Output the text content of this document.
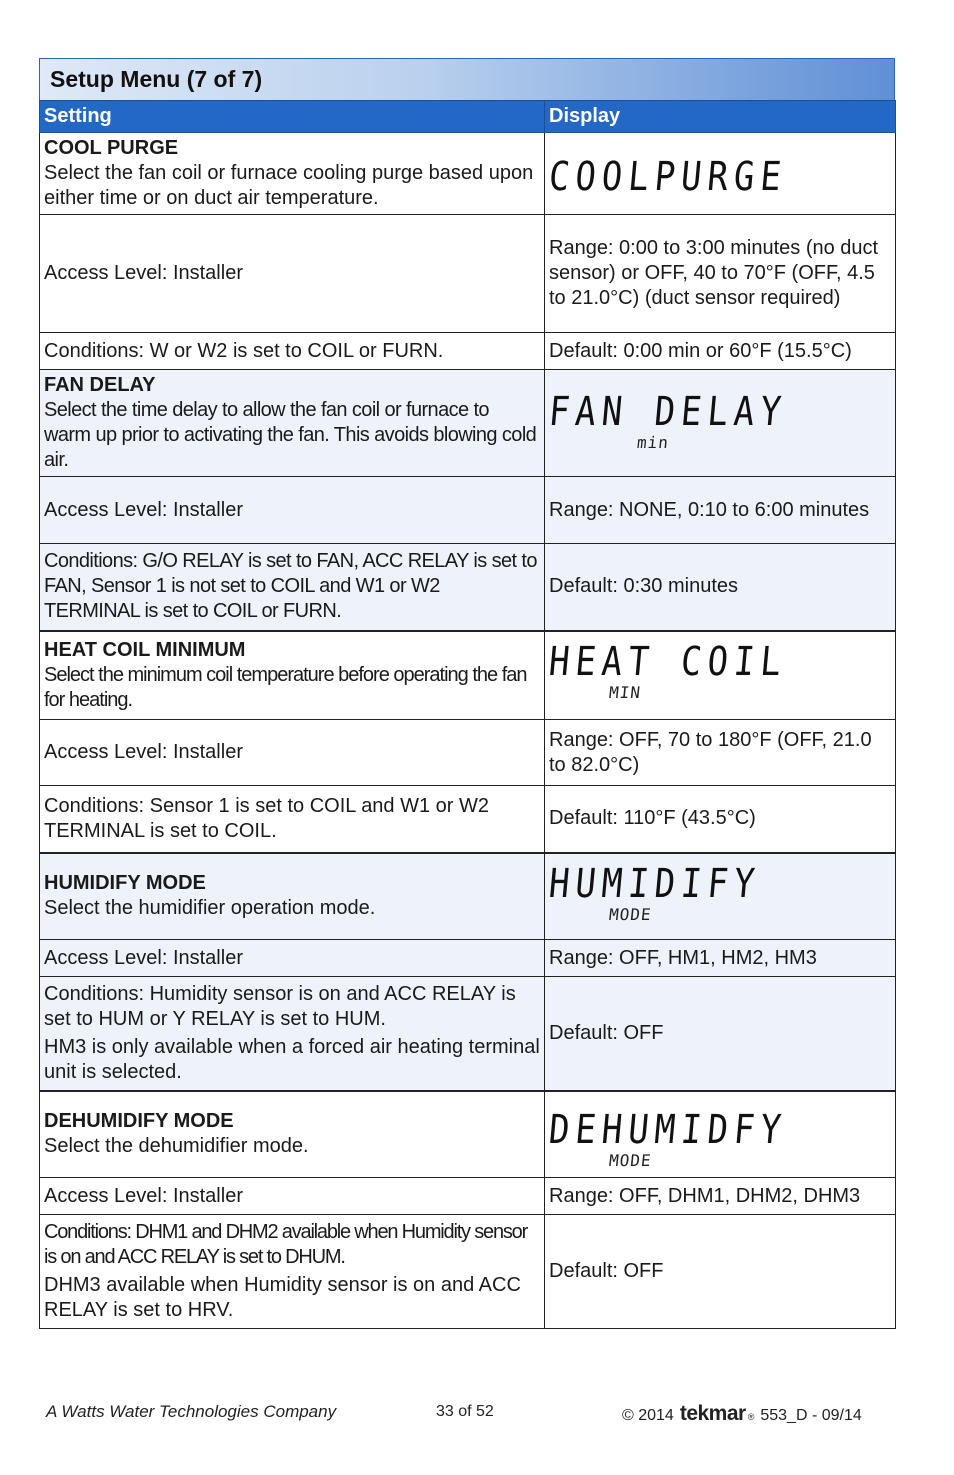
Setup Menu (7 of 7)
Setting	Display

COOL PURGE
Select the fan coil or furnace cooling purge based upon either time or on duct air temperature.	COOLPURGE

Access Level: Installer	Range: 0:00 to 3:00 minutes (no duct sensor) or OFF, 40 to 70°F (OFF, 4.5 to 21.0°C) (duct sensor required)
Conditions: W or W2 is set to COIL or FURN.	Default: 0:00 min or 60°F (15.5°C)

FAN DELAY
Select the time delay to allow the fan coil or furnace to warm up prior to activating the fan. This avoids blowing cold air.	FAN DELAY
min

Access Level: Installer	Range: NONE, 0:10 to 6:00 minutes
Conditions: G/O RELAY is set to FAN, ACC RELAY is set to FAN, Sensor 1 is not set to COIL and W1 or W2 TERMINAL is set to COIL or FURN.	Default: 0:30 minutes

HEAT COIL MINIMUM
Select the minimum coil temperature before operating the fan for heating.	HEAT COIL
MIN

Access Level: Installer	Range: OFF, 70 to 180°F (OFF, 21.0 to 82.0°C)
Conditions: Sensor 1 is set to COIL and W1 or W2 TERMINAL is set to COIL.	Default: 110°F (43.5°C)

HUMIDIFY MODE
Select the humidifier operation mode.	HUMIDIFY
MODE

Access Level: Installer	Range: OFF, HM1, HM2, HM3

Conditions: Humidity sensor is on and ACC RELAY is set to HUM or Y RELAY is set to HUM.
HM3 is only available when a forced air heating terminal unit is selected.	Default: OFF

DEHUMIDIFY MODE
Select the dehumidifier mode.	DEHUMIDFY
MODE

Access Level: Installer	Range: OFF, DHM1, DHM2, DHM3

Conditions: DHM1 and DHM2 available when Humidity sensor is on and ACC RELAY is set to DHUM.
DHM3 available when Humidity sensor is on and ACC RELAY is set to HRV.	Default: OFF
A Watts Water Technologies Company	33 of 52	© 2014 tekmar ® 553_D - 09/14
